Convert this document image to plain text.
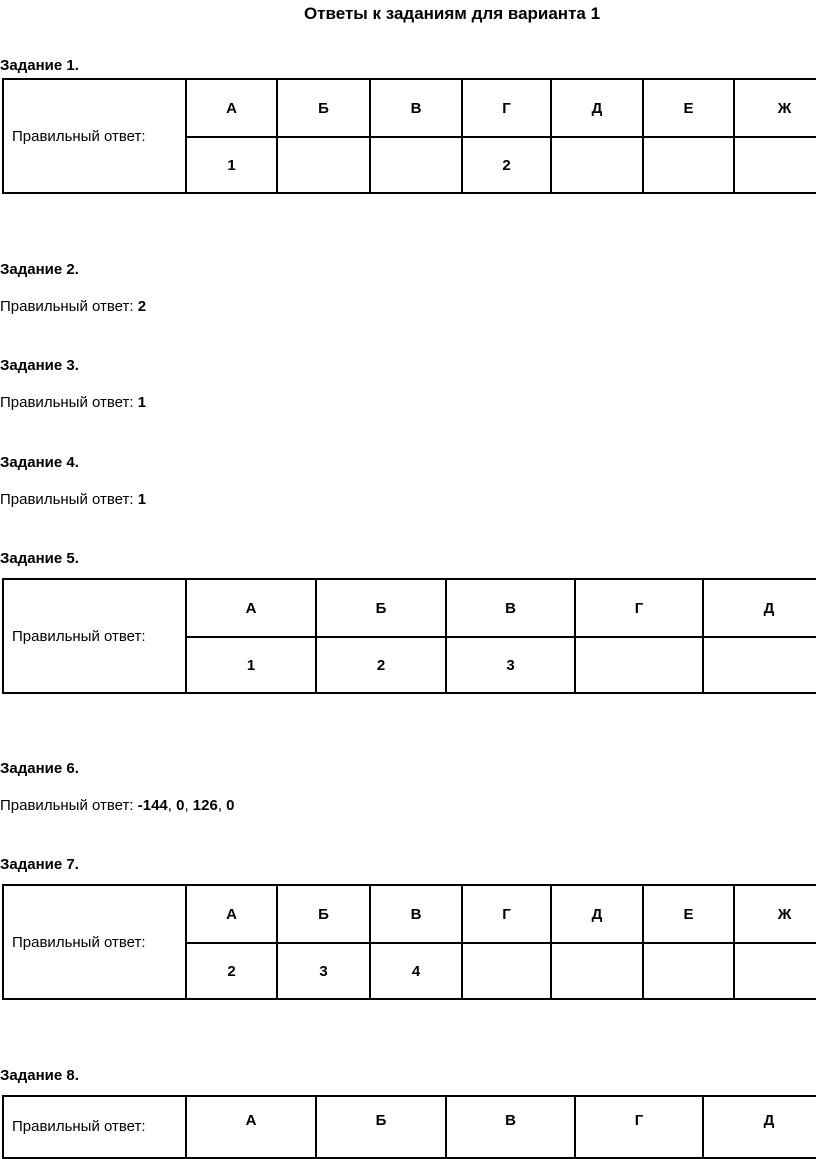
Ответы к заданиям для варианта 1
Задание 1.
Правильный ответ:	А	Б	В	Г	Д	Е	Ж
	1			2			
Задание 2.
Правильный ответ: 2
Задание 3.
Правильный ответ: 1
Задание 4.
Правильный ответ: 1
Задание 5.
Правильный ответ:	А	Б	В	Г	Д
	1	2	3		
Задание 6.
Правильный ответ: -144, 0, 126, 0
Задание 7.
Правильный ответ:	А	Б	В	Г	Д	Е	Ж
	2	3	4				
Задание 8.
Правильный ответ:	А	Б	В	Г	Д
